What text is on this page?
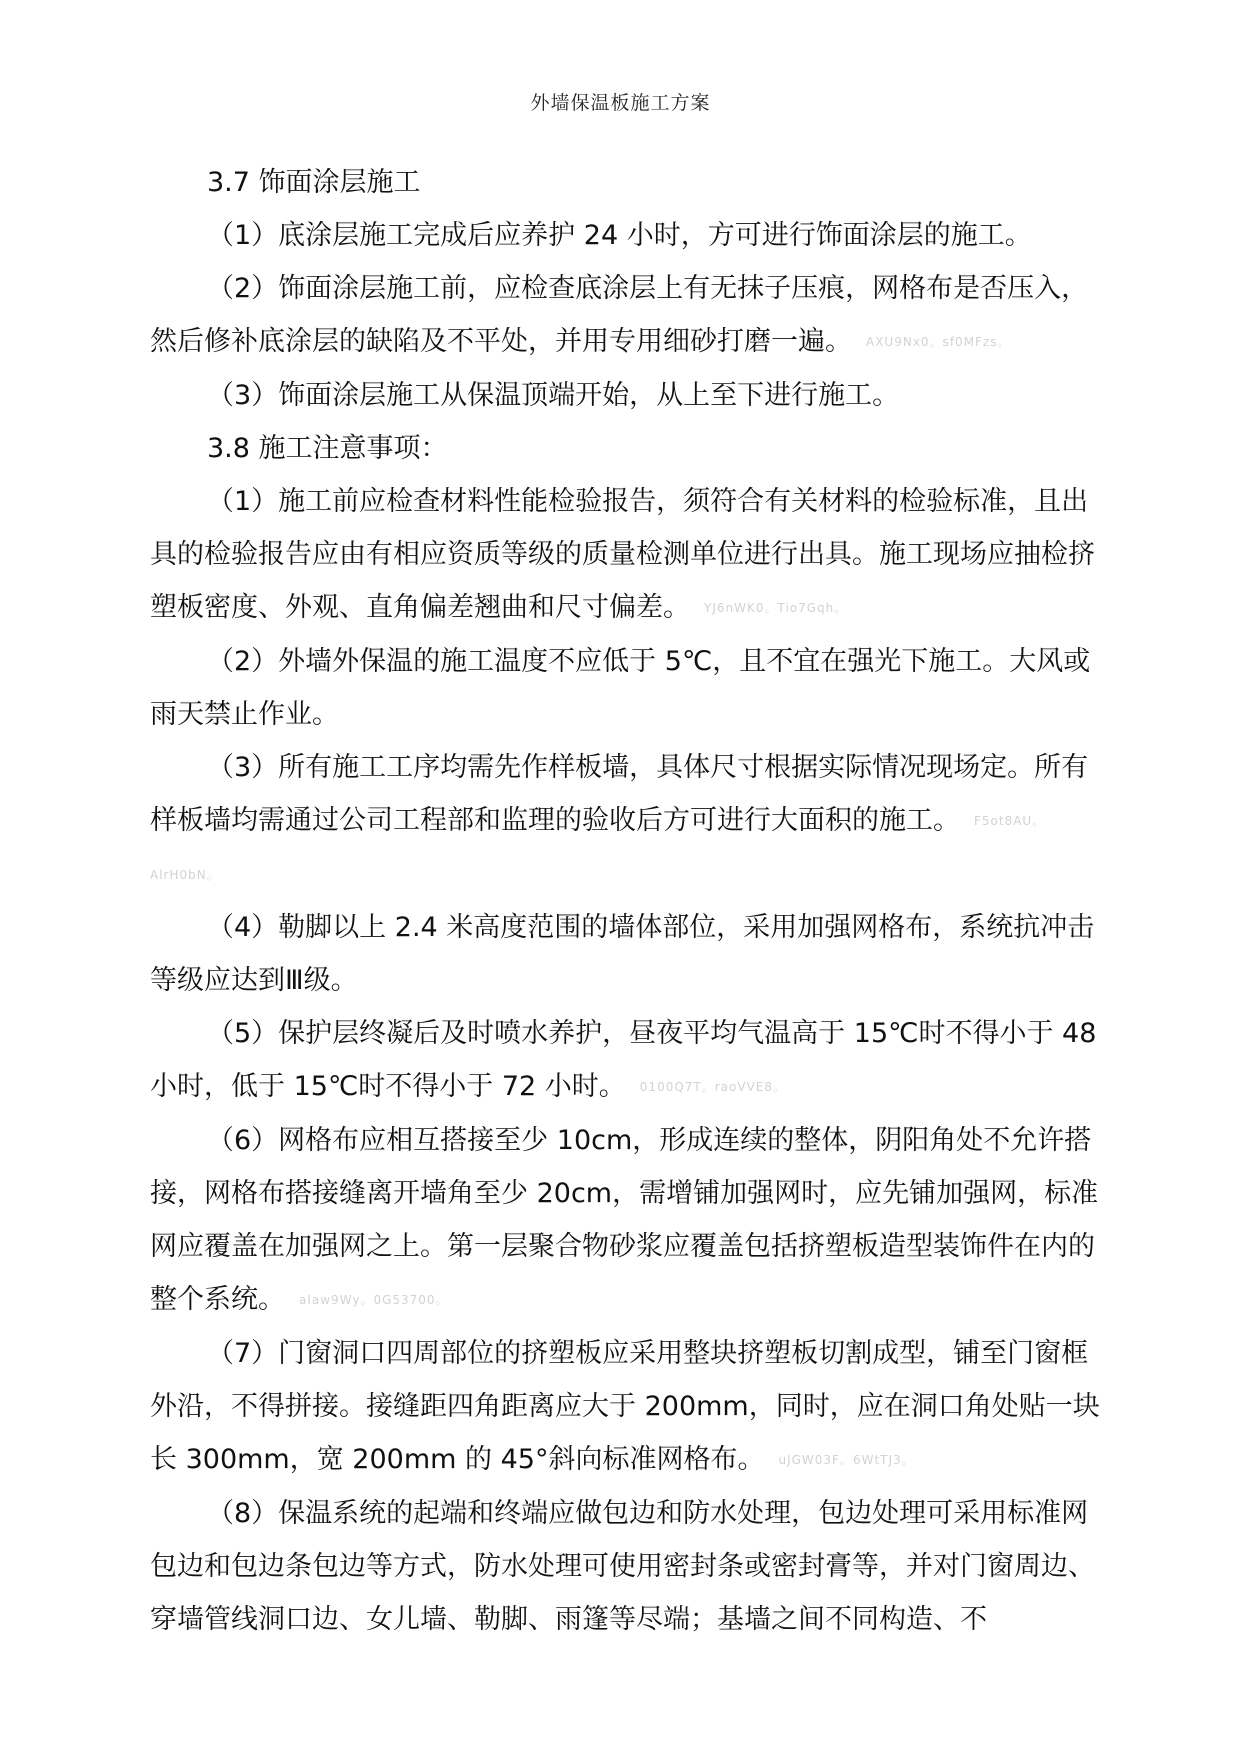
外墙保温板施工方案

3.7 饰面涂层施工

（1）底涂层施工完成后应养护 24 小时，方可进行饰面涂层的施工。

（2）饰面涂层施工前，应检查底涂层上有无抹子压痕，网格布是否压入，然后修补底涂层的缺陷及不平处，并用专用细砂打磨一遍。 AXU9Nx0。sf0MFzs。

（3）饰面涂层施工从保温顶端开始，从上至下进行施工。

3.8 施工注意事项：

（1）施工前应检查材料性能检验报告，须符合有关材料的检验标准，且出具的检验报告应由有相应资质等级的质量检测单位进行出具。施工现场应抽检挤塑板密度、外观、直角偏差翘曲和尺寸偏差。 YJ6nWK0。Tio7Gqh。

（2）外墙外保温的施工温度不应低于 5℃，且不宜在强光下施工。大风或雨天禁止作业。

（3）所有施工工序均需先作样板墙，具体尺寸根据实际情况现场定。所有样板墙均需通过公司工程部和监理的验收后方可进行大面积的施工。 F5ot8AU。

AlrH0bN。

（4）勒脚以上 2.4 米高度范围的墙体部位，采用加强网格布，系统抗冲击等级应达到Ⅲ级。

（5）保护层终凝后及时喷水养护，昼夜平均气温高于 15℃时不得小于 48 小时，低于 15℃时不得小于 72 小时。 0100Q7T。raoVVE8。

（6）网格布应相互搭接至少 10cm，形成连续的整体，阴阳角处不允许搭接，网格布搭接缝离开墙角至少 20cm，需增铺加强网时，应先铺加强网，标准网应覆盖在加强网之上。第一层聚合物砂浆应覆盖包括挤塑板造型装饰件在内的整个系统。 aIaw9Wy。0G53700。

（7）门窗洞口四周部位的挤塑板应采用整块挤塑板切割成型，铺至门窗框外沿，不得拼接。接缝距四角距离应大于 200mm，同时，应在洞口角处贴一块长 300mm，宽 200mm 的 45°斜向标准网格布。 uJGW03F。6WtTJ3。

（8）保温系统的起端和终端应做包边和防水处理，包边处理可采用标准网包边和包边条包边等方式，防水处理可使用密封条或密封膏等，并对门窗周边、穿墙管线洞口边、女儿墙、勒脚、雨篷等尽端；基墙之间不同构造、不
